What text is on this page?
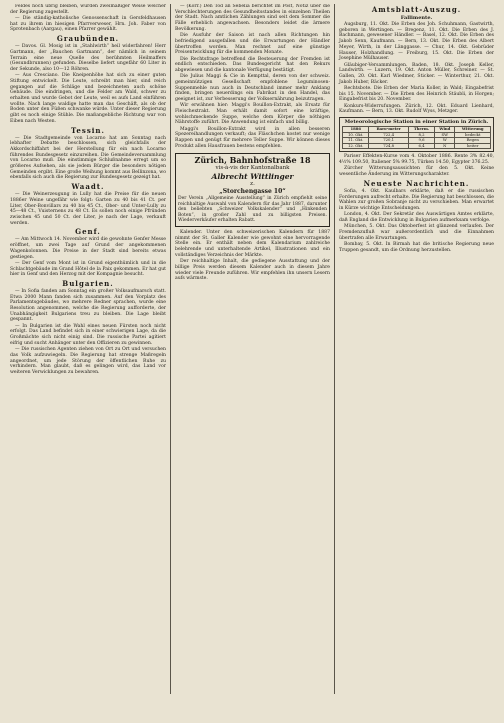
Feldes noch übrig bleiben, wurden zweimäßiger Weise welcher der Regierung zugestellt.

— Die ständig-katholische Genossenschaft in Gersfeldhausen hat zu ihrem im hiesigen Pfarrverweser, Hrn. Joh. Faber von Sprotenbach (Aargau), einen Pfarrer gewählt.

Graubünden.

— Davos. Gl. Mosig ist in „Stahlwirth“ heil widerfahren! Herr Gartmann, der „Bauchen Gartmann“, der nämlich in seinem Terrain eine neue Quelle des berühmten Heilmaffers (Gesundbrunnen) gefunden. Dieselbe liefert ungefähr 60 Liter in der Sekunde, also 10—12 Röhren.

— Aus Cresciano. Die Kneipenhöhe hat sich zu einer guten Stiftung entwickelt. Die Leute, schreibt man hier, sind reich gegangen auf die Schläge und bezeichneten auch schöne Gebäude. Die eindringen, und die Felder am Wald, schwer zu erhalten und wurde Gebot der Leute, weil es aufs Land einführen wollte. Nach lange waldige hatte man das Geschäft, als ob der Boden unter den Füßen schwanke würde. Unter dieser Regierung gibt es noch einige Stühle. Die maßangebliche Richtung war von Eiben nach Westen.

Tessin.

— Die Stadtgemeinde von Locarno hat am Sonntag nach lebhafter Debatte beschlossen, sich gleichfalls der Akkordschiffahrt bei der Herstellung für ein nach Locarno führendes Bundesgesetz einzureihen. Die Gemeindeversammlung von Locarno muß. Die einstimmige Schlußnahme erregt um so größeres Aufsehen, als sie jedem Bürger die besonders nötigen Gemeinden ergibt. Eine große Weihung kommt aus Bellinzona, wo ebenfalls sich auch die Regierung zur Bundesgesetz gezeigt hat.

Waadt.

— Die Weinerzeugung in Lully hat die Preise für die neuen 1886er Weine ungefähr wie folgt: Garten zu 40 bis 41 Ct. per Liter, Ober-Bonvillars zu 40 bis 45 Ct., Ober- und Unter-Lully zu 45—48 Ct., Vuisternens zu 48 Ct. Es sollen noch einige Pfründen zwischen 45 und 50 Ct. der Liter, je nach der Lage, verkauft werden.

Genf.

— Am Mittwoch 14. November wird die gewohnte Genfer Messe eröffnet, um zwei Tage auf Grund der angekommenen Wagenkolonnen. Die Preise in der Stadt sind bereits etwas gestiegen.

— Der Genf vom Mont ist in Grund eigenthümlich und in die Schlachtgebäude im Grand Hôtel de la Paix gekommen. Er hat gut hier in Genf und den Herzog mit der Kompagnie besucht.

Bulgarien.

— In Sofia fanden am Sonntag ein großer Volksaufmarsch statt. Etwa 2000 Mann fanden sich zusammen. Auf den Vorplatz des Parlamentsgebäudes, wo mehrere Redner sprachen, wurde eine Resolution angenommen, welche die Regierung aufforderte, der Unabhängigkeit Bulgariens treu zu bleiben. Die Lage bleibt gespannt.

— In Bulgarien ist die Wahl eines neuen Fürsten noch nicht erfolgt. Das Land befindet sich in einer schwierigen Lage, da die Großmächte sich nicht einig sind. Die russische Partei agitiert eifrig und sucht Anhänger unter den Offizieren zu gewinnen.

— Die russischen Agenten ziehen von Ort zu Ort und versuchen das Volk aufzuwiegeln. Die Regierung hat strenge Maßregeln angeordnet, um jede Störung der öffentlichen Ruhe zu verhindern. Man glaubt, daß es gelingen wird, das Land vor weiteren Verwicklungen zu bewahren.

— (Korr.) Den Tod an Sebelia berichtet im Post, Notiz über die Verschlechterungen des Gesundheitsstandes in einzelnen Theilen der Stadt. Nach amtlichen Zählungen sind seit dem Sommer die Fälle erheblich angewachsen. Besonders leidet die ärmere Bevölkerung.

Die Ausfuhr der Saison ist nach allen Richtungen hin befriedigend ausgefallen und die Erwartungen der Händler übertroffen worden. Man rechnet auf eine günstige Preisentwicklung für die kommenden Monate.

Die Rechtsfrage betreffend die Besteuerung der Fremden ist endlich entschieden. Das Bundesgericht hat den Rekurs abgewiesen und die kantonale Verfügung bestätigt.

Die Julius Maggi & Cie in Kempttal, deren von der schweiz. gemeinnützigen Gesellschaft empfohlene Leguminosen-Suppenmehle nun auch in Deutschland immer mehr Anklang finden, bringen neuerdings ein Fabrikat in den Handel, das geeignet ist, zur Verbesserung der Volksernährung beizutragen.

Wir erwähnen hier: Maggi's Bouillon-Extrakt, als Ersatz für Fleischextrakt. Man erhält damit sofort eine kräftige, wohlschmeckende Suppe, welche dem Körper die nöthigen Nährstoffe zuführt. Die Anwendung ist einfach und billig.

Maggi's Bouillon-Extrakt wird in allen besseren Spezereihandlungen verkauft; das Fläschchen kostet nur wenige Rappen und genügt für mehrere Teller Suppe. Wir können dieses Produkt allen Hausfrauen bestens empfehlen.

Zürich, Bahnhofstraße 18
vis-à-vis der Kantonalbank
Albrecht Wittlinger
z.
„Storchengasse 10“
Der Verein „Allgemeine Ausstellung“ in Zürich empfiehlt seine reichhaltige Auswahl von Kalendern für das Jahr 1887, darunter den beliebten „Schweizer Volkskalender“ und „Hinkenden Boten“, in großer Zahl und zu billigsten Preisen. Wiederverkäufer erhalten Rabatt.

Kalender. Unter den schweizerischen Kalendern für 1887 nimmt der St. Galler Kalender wie gewohnt eine hervorragende Stelle ein. Er enthält neben dem Kalendarium zahlreiche belehrende und unterhaltende Artikel, Illustrationen und ein vollständiges Verzeichnis der Märkte.

Der reichhaltige Inhalt, die gediegene Ausstattung und der billige Preis werden diesem Kalender auch in diesem Jahre wieder viele Freunde zuführen. Wir empfehlen ihn unsern Lesern aufs wärmste.

Amtsblatt-Auszug.
Fallimente.

Augsburg, 11. Okt. Die Erben des Joh. Schuhmann, Gastwirth, geboren in Wertingen. — Bregenz, 11. Okt. Die Erben des J. Bachmann, gewesener Händler. — Basel, 12. Okt. Die Erben des Jakob Senn, Kaufmann. — Bern, 13. Okt. Die Erben des Albert Meyer, Wirth, in der Länggasse. — Chur, 14. Okt. Gebrüder Hauser, Holzhandlung. — Freiburg, 15. Okt. Die Erben der Josephine Mülhauser.

Gläubiger-Versammlungen. Baden, 18. Okt. Joseph Keller, Landwirth. — Luzern, 19. Okt. Anton Müller, Schreiner. — St. Gallen, 20. Okt. Karl Wiedmer, Sticker. — Winterthur, 21. Okt. Jakob Huber, Bäcker.

Rechtsbote. Die Erben der Maria Koller, in Wald; Eingabefrist bis 15. November. — Die Erben des Heinrich Stäubli, in Horgen; Eingabefrist bis 20. November.

Konkurs-Widerrufungen. Zürich, 12. Okt. Eduard Lienhard, Kaufmann. — Bern, 13. Okt. Rudolf Wyss, Metzger.

Meteorologische Station in einer Station in Zürich.
1886	Baro-meter	Therm.	Wind	Witterung
10. Okt.	722,4	8,2	SW	bedeckt
11. Okt.	720,1	9,6	W	Regen
12. Okt.	724,8	6,4	N	heiter

Pariser Effekten-Kurse vom 4. Oktober 1886. Rente 3% 82.40, 4½% 109.50, Italiener 5% 99.75, Türken 14.50, Egypter 376.25.

Zürcher Witterungsaussichten für den 5. Okt. Keine wesentliche Änderung im Witterungscharakter.

Neueste Nachrichten.

Sofia, 4. Okt. Kaulbars erklärte, daß er die russischen Forderungen aufrecht erhalte. Die Regierung hat beschlossen, die Wahlen zur großen Sobranje nicht zu verschieben. Man erwartet in Kürze wichtige Entscheidungen.

London, 4. Okt. Der Sekretär des Auswärtigen Amtes erklärte, daß England die Entwicklung in Bulgarien aufmerksam verfolge.

München, 5. Okt. Das Oktoberfest ist glänzend verlaufen. Der Fremdenzufluß war außerordentlich und die Einnahmen übertrafen alle Erwartungen.

Bombay, 5. Okt. In Birmah hat die britische Regierung neue Truppen gesandt, um die Ordnung herzustellen.
